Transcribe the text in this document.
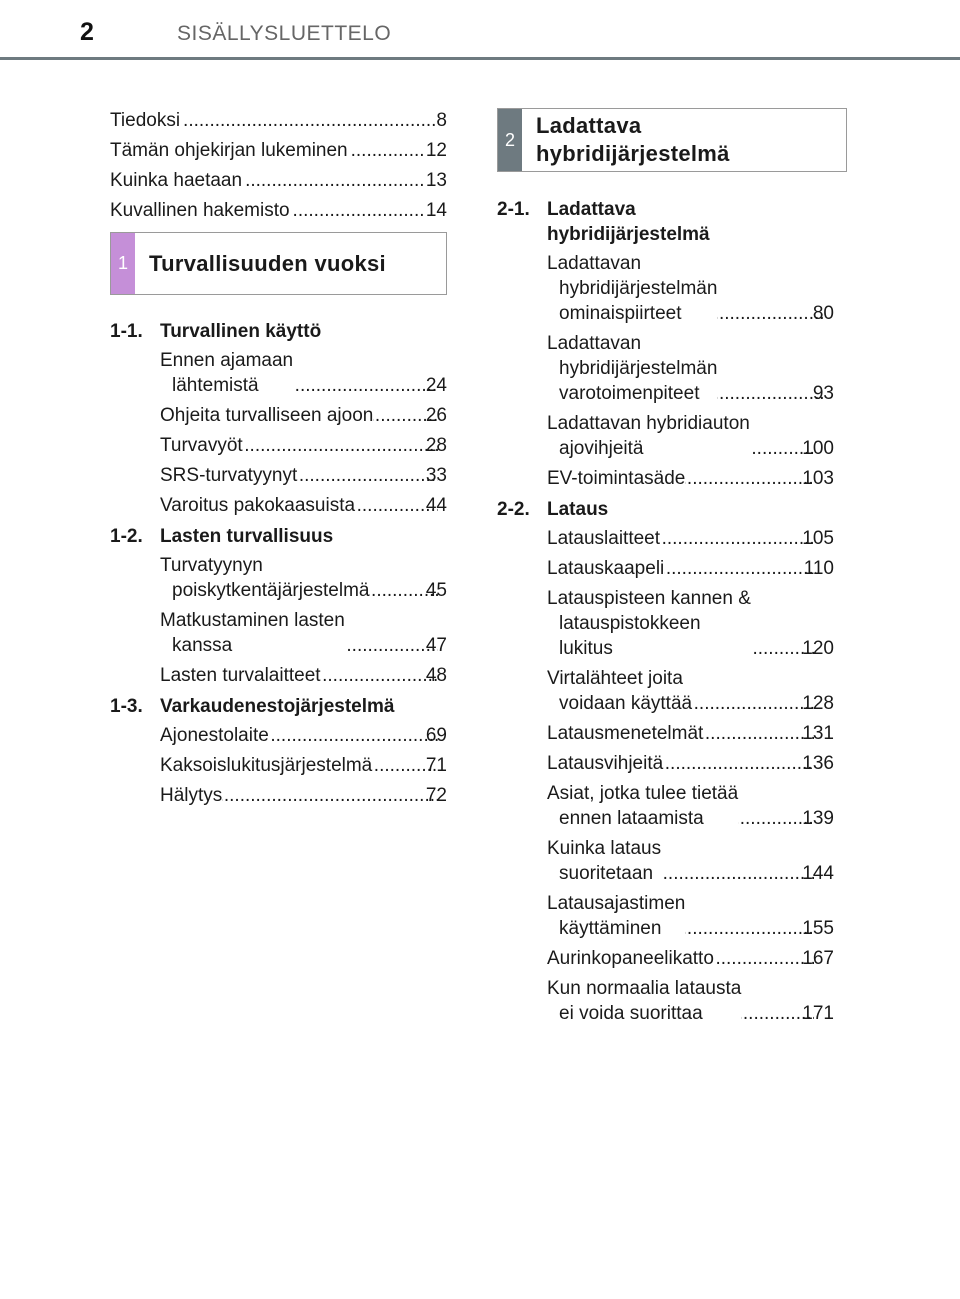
2	SISÄLLYSLUETTELO
Tiedoksi .....	8
Tämän ohjekirjan lukeminen .....	12
Kuinka haetaan .....	13
Kuvallinen hakemisto .....	14
1 Turvallisuuden vuoksi
1-1. Turvallinen käyttö
Ennen ajamaan
lähtemistä .....	24
Ohjeita turvalliseen ajoon .....	26
Turvavyöt .....	28
SRS-turvatyynyt .....	33
Varoitus pakokaasuista .....	44
1-2. Lasten turvallisuus
Turvatyynyn
poiskytkentäjärjestelmä .....	45
Matkustaminen lasten
kanssa .....	47
Lasten turvalaitteet .....	48
1-3. Varkaudenestojärjestelmä
Ajonestolaite .....	69
Kaksoislukitusjärjestelmä .....	71
Hälytys .....	72
2
Ladattava
hybridijärjestelmä
2-1. Ladattava
hybridijärjestelmä
Ladattavan
hybridijärjestelmän
ominaispiirteet .....	80
Ladattavan
hybridijärjestelmän
varotoimenpiteet .....	93
Ladattavan hybridiauton
ajovihjeitä .....	100
EV-toimintasäde .....	103
2-2. Lataus
Latauslaitteet .....	105
Latauskaapeli .....	110
Latauspisteen kannen &
latauspistokkeen
lukitus .....	120
Virtalähteet joita
voidaan käyttää .....	128
Latausmenetelmät .....	131
Latausvihjeitä .....	136
Asiat, jotka tulee tietää
ennen lataamista .....	139
Kuinka lataus
suoritetaan .....	144
Latausajastimen
käyttäminen .....	155
Aurinkopaneelikatto .....	167
Kun normaalia latausta
ei voida suorittaa .....	171
